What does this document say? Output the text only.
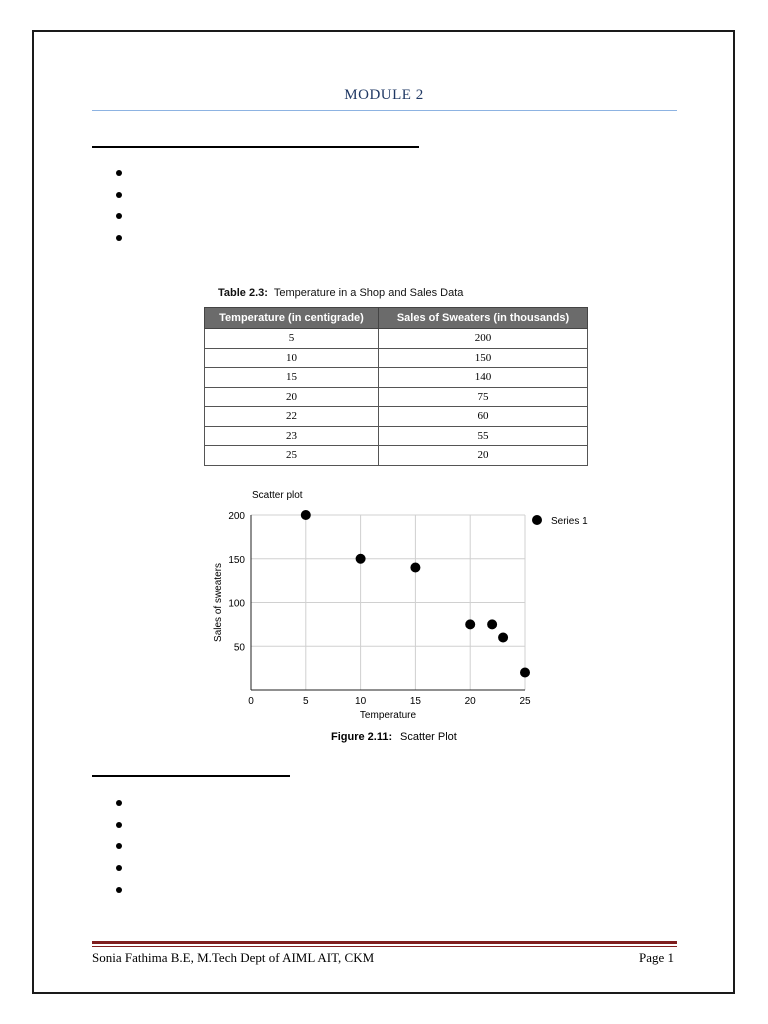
MODULE 2
Table 2.3: Temperature in a Shop and Sales Data
Temperature (in centigrade)	Sales of Sweaters (in thousands)
5	200
10	150
15	140
20	75
22	60
23	55
25	20
Scatter plot
50
100
150
200
0	5	10	15	20	25
Temperature
Sales of sweaters
Series 1
Figure 2.11: Scatter Plot
Sonia Fathima B.E, M.Tech Dept of AIML AIT, CKM	Page 1
